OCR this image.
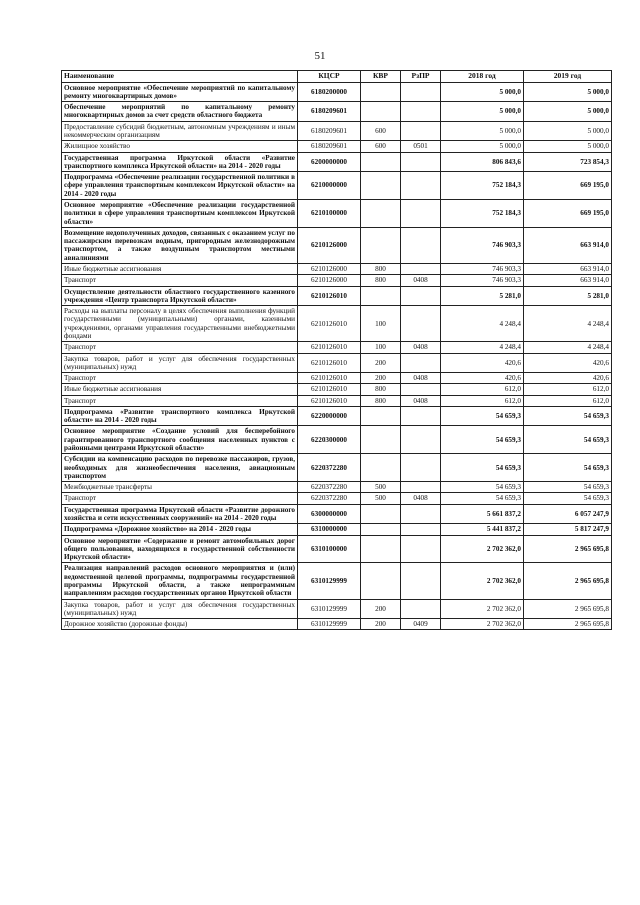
51
Наименование	КЦСР	КВР	РзПР	2018 год	2019 год
Основное мероприятие «Обеспечение мероприятий по капитальному ремонту многоквартирных домов»	6180200000			5 000,0	5 000,0
Обеспечение мероприятий по капитальному ремонту многоквартирных домов за счет средств областного бюджета	6180209601			5 000,0	5 000,0
Предоставление субсидий бюджетным, автономным учреждениям и иным некоммерческим организациям	6180209601	600		5 000,0	5 000,0
Жилищное хозяйство	6180209601	600	0501	5 000,0	5 000,0
Государственная программа Иркутской области «Развитие транспортного комплекса Иркутской области» на 2014 - 2020 годы	6200000000			806 843,6	723 854,3
Подпрограмма «Обеспечение реализации государственной политики в сфере управления транспортным комплексом Иркутской области» на 2014 - 2020 годы	6210000000			752 184,3	669 195,0
Основное мероприятие «Обеспечение реализации государственной политики в сфере управления транспортным комплексом Иркутской области»	6210100000			752 184,3	669 195,0
Возмещение недополученных доходов, связанных с оказанием услуг по пассажирским перевозкам водным, пригородным железнодорожным транспортом, а также воздушным транспортом местными авиалиниями	6210126000			746 903,3	663 914,0
Иные бюджетные ассигнования	6210126000	800		746 903,3	663 914,0
Транспорт	6210126000	800	0408	746 903,3	663 914,0
Осуществление деятельности областного государственного казенного учреждения «Центр транспорта Иркутской области»	6210126010			5 281,0	5 281,0
Расходы на выплаты персоналу в целях обеспечения выполнения функций государственными (муниципальными) органами, казенными учреждениями, органами управления государственными внебюджетными фондами	6210126010	100		4 248,4	4 248,4
Транспорт	6210126010	100	0408	4 248,4	4 248,4
Закупка товаров, работ и услуг для обеспечения государственных (муниципальных) нужд	6210126010	200		420,6	420,6
Транспорт	6210126010	200	0408	420,6	420,6
Иные бюджетные ассигнования	6210126010	800		612,0	612,0
Транспорт	6210126010	800	0408	612,0	612,0
Подпрограмма «Развитие транспортного комплекса Иркутской области» на 2014 - 2020 годы	6220000000			54 659,3	54 659,3
Основное мероприятие «Создание условий для бесперебойного гарантированного транспортного сообщения населенных пунктов с районными центрами Иркутской области»	6220300000			54 659,3	54 659,3
Субсидии на компенсацию расходов по перевозке пассажиров, грузов, необходимых для жизнеобеспечения населения, авиационным транспортом	6220372280			54 659,3	54 659,3
Межбюджетные трансферты	6220372280	500		54 659,3	54 659,3
Транспорт	6220372280	500	0408	54 659,3	54 659,3
Государственная программа Иркутской области «Развитие дорожного хозяйства и сети искусственных сооружений» на 2014 - 2020 годы	6300000000			5 661 837,2	6 057 247,9
Подпрограмма «Дорожное хозяйство» на 2014 - 2020 годы	6310000000			5 441 837,2	5 817 247,9
Основное мероприятие «Содержание и ремонт автомобильных дорог общего пользования, находящихся в государственной собственности Иркутской области»	6310100000			2 702 362,0	2 965 695,8
Реализация направлений расходов основного мероприятия и (или) ведомственной целевой программы, подпрограммы государственной программы Иркутской области, а также непрограммным направлениям расходов государственных органов Иркутской области	6310129999			2 702 362,0	2 965 695,8
Закупка товаров, работ и услуг для обеспечения государственных (муниципальных) нужд	6310129999	200		2 702 362,0	2 965 695,8
Дорожное хозяйство (дорожные фонды)	6310129999	200	0409	2 702 362,0	2 965 695,8
